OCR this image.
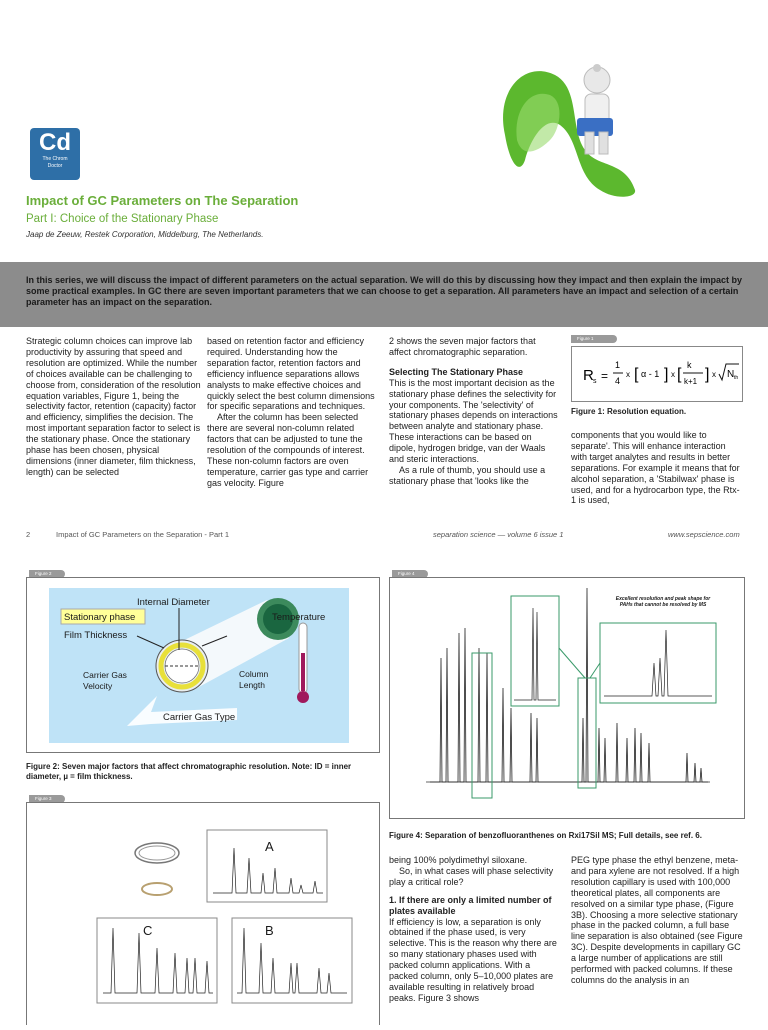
Cd
The Chrom
Doctor
Impact of GC Parameters on The Separation
Part I: Choice of the Stationary Phase
Jaap de Zeeuw, Restek Corporation, Middelburg, The Netherlands.
In this series, we will discuss the impact of different parameters on the actual separation. We will do this by discussing how they impact and then explain the impact by some practical examples. In GC there are seven important parameters that we can choose to get a separation. All parameters have an impact and selection of a certain parameter has an impact on the separation.

Strategic column choices can improve lab productivity by assuring that speed and resolution are optimized. While the number of choices available can be challenging to choose from, consideration of the resolution equation variables, Figure 1, being the selectivity factor, retention (capacity) factor and efficiency, simplifies the decision. The most important separation factor to select is the stationary phase. Once the stationary phase has been chosen, physical dimensions (inner diameter, film thickness, length) can be selected

based on retention factor and efficiency required. Understanding how the separation factor, retention factors and efficiency influence separations allows analysts to make effective choices and quickly select the best column dimensions for specific separations and techniques.

After the column has been selected there are several non-column related factors that can be adjusted to tune the resolution of the compounds of interest. These non-column factors are oven temperature, carrier gas type and carrier gas velocity. Figure

2 shows the seven major factors that affect chromatographic separation.

Selecting The Stationary Phase

This is the most important decision as the stationary phase defines the selectivity for your components. The 'selectivity' of stationary phases depends on interactions between analyte and stationary phase. These interactions can be based on dipole, hydrogen bridge, van der Waals and steric interactions.

As a rule of thumb, you should use a stationary phase that 'looks like the

Figure 1
R s =
1
4
x [ α - 1 ] x [
k
k+1 ] x N th
Figure 1: Resolution equation.

components that you would like to separate'. This will enhance interaction with target analytes and results in better separations. For example it means that for alcohol separation, a 'Stabilwax' phase is used, and for a hydrocarbon type, the Rtx-1 is used,

2	Impact of GC Parameters on the Separation - Part 1	separation science — volume 6 issue 1	www.sepscience.com
Figure 2
Internal Diameter
Stationary phase
Film Thickness
Temperature
Carrier Gas
Velocity
Column
Length
Carrier Gas Type
Figure 2: Seven major factors that affect chromatographic resolution. Note: ID = inner diameter, µ = film thickness.
Figure 3
A
C	B
Figure 4
Excellent resolution and peak shape for
PAHs that cannot be resolved by MS
Figure 4: Separation of benzofluoranthenes on Rxi17Sil MS; Full details, see ref. 6.

being 100% polydimethyl siloxane.

So, in what cases will phase selectivity play a critical role?

1. If there are only a limited number of plates available

If efficiency is low, a separation is only obtained if the phase used, is very selective. This is the reason why there are so many stationary phases used with packed column applications. With a packed column, only 5–10,000 plates are available resulting in relatively broad peaks. Figure 3 shows

PEG type phase the ethyl benzene, meta- and para xylene are not resolved. If a high resolution capillary is used with 100,000 theoretical plates, all components are resolved on a similar type phase, (Figure 3B). Choosing a more selective stationary phase in the packed column, a full base line separation is also obtained (see Figure 3C). Despite developments in capillary GC a large number of applications are still performed with packed columns. If these columns do the analysis in an
